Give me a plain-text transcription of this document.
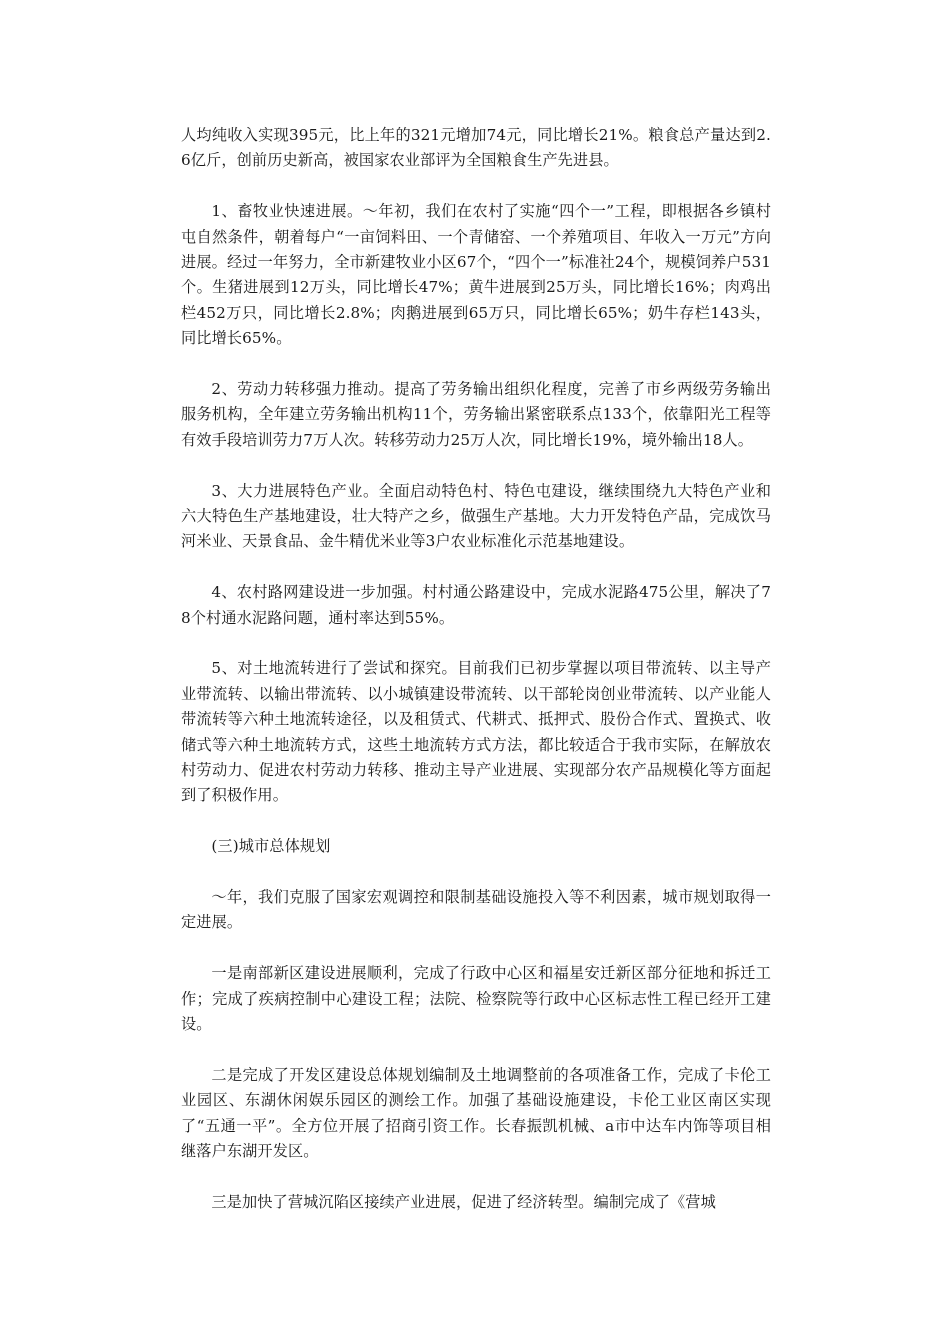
人均纯收入实现395元，比上年的321元增加74元，同比增长21%。粮食总产量达到2.6亿斤，创前历史新高，被国家农业部评为全国粮食生产先进县。

1、畜牧业快速进展。～年初，我们在农村了实施“四个一”工程，即根据各乡镇村屯自然条件，朝着每户“一亩饲料田、一个青储窑、一个养殖项目、年收入一万元”方向进展。经过一年努力，全市新建牧业小区67个，“四个一”标准社24个，规模饲养户531个。生猪进展到12万头，同比增长47%；黄牛进展到25万头，同比增长16%；肉鸡出栏452万只，同比增长2.8%；肉鹅进展到65万只，同比增长65%；奶牛存栏143头，同比增长65%。

2、劳动力转移强力推动。提高了劳务输出组织化程度，完善了市乡两级劳务输出服务机构，全年建立劳务输出机构11个，劳务输出紧密联系点133个，依靠阳光工程等有效手段培训劳力7万人次。转移劳动力25万人次，同比增长19%，境外输出18人。

3、大力进展特色产业。全面启动特色村、特色屯建设，继续围绕九大特色产业和六大特色生产基地建设，壮大特产之乡，做强生产基地。大力开发特色产品，完成饮马河米业、天景食品、金牛精优米业等3户农业标准化示范基地建设。

4、农村路网建设进一步加强。村村通公路建设中，完成水泥路475公里，解决了78个村通水泥路问题，通村率达到55%。

5、对土地流转进行了尝试和探究。目前我们已初步掌握以项目带流转、以主导产业带流转、以输出带流转、以小城镇建设带流转、以干部轮岗创业带流转、以产业能人带流转等六种土地流转途径，以及租赁式、代耕式、抵押式、股份合作式、置换式、收储式等六种土地流转方式，这些土地流转方式方法，都比较适合于我市实际，在解放农村劳动力、促进农村劳动力转移、推动主导产业进展、实现部分农产品规模化等方面起到了积极作用。

(三)城市总体规划

～年，我们克服了国家宏观调控和限制基础设施投入等不利因素，城市规划取得一定进展。

一是南部新区建设进展顺利，完成了行政中心区和福星安迁新区部分征地和拆迁工作；完成了疾病控制中心建设工程；法院、检察院等行政中心区标志性工程已经开工建设。

二是完成了开发区建设总体规划编制及土地调整前的各项准备工作，完成了卡伦工业园区、东湖休闲娱乐园区的测绘工作。加强了基础设施建设，卡伦工业区南区实现了“五通一平”。全方位开展了招商引资工作。长春振凯机械、a市中达车内饰等项目相继落户东湖开发区。

三是加快了营城沉陷区接续产业进展，促进了经济转型。编制完成了《营城
